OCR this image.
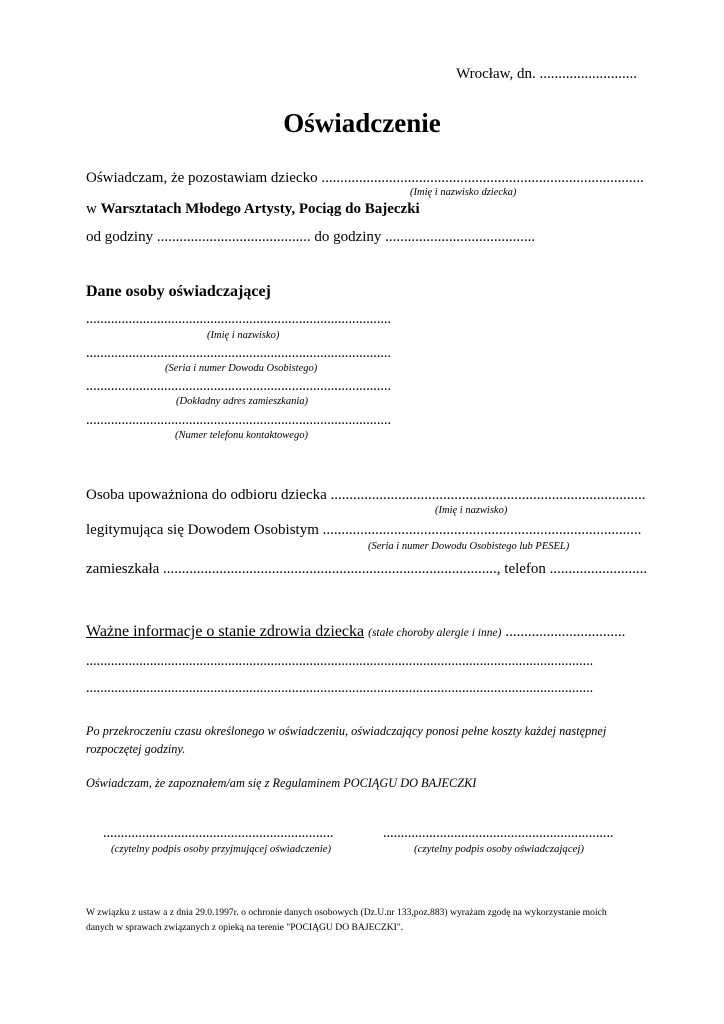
Wrocław, dn. ..........................
Oświadczenie
Oświadczam, że pozostawiam dziecko ......................................................................................
(Imię i nazwisko dziecka)
w Warsztatach Młodego Artysty, Pociąg do Bajeczki
od godziny ......................................... do godziny ........................................
Dane osoby oświadczającej
......................................................................................
(Imię i nazwisko)
......................................................................................
(Seria i numer Dowodu Osobistego)
......................................................................................
(Dokładny adres zamieszkania)
......................................................................................
(Numer telefonu kontaktowego)
Osoba upoważniona do odbioru dziecka ....................................................................................
(Imię i nazwisko)
legitymująca się Dowodem Osobistym .....................................................................................
(Seria i numer Dowodu Osobistego lub PESEL)
zamieszkała ........................................................................................., telefon ..........................
Ważne informacje o stanie zdrowia dziecka (stałe choroby alergie i inne) ................................
...............................................................................................................................................
...............................................................................................................................................
Po przekroczeniu czasu określonego w oświadczeniu, oświadczający ponosi pełne koszty każdej następnej
rozpoczętej godziny.
Oświadczam, że zapoznałem/am się z Regulaminem POCIĄGU DO BAJECZKI
.................................................................
(czytelny podpis osoby przyjmującej oświadczenie)
.................................................................
(czytelny podpis osoby oświadczającej)
W związku z ustaw a z dnia 29.0.1997r. o ochronie danych osobowych (Dz.U.nr 133,poz.883) wyrażam zgodę na wykorzystanie moich
danych w sprawach związanych z opieką na terenie "POCIĄGU DO BAJECZKI".
